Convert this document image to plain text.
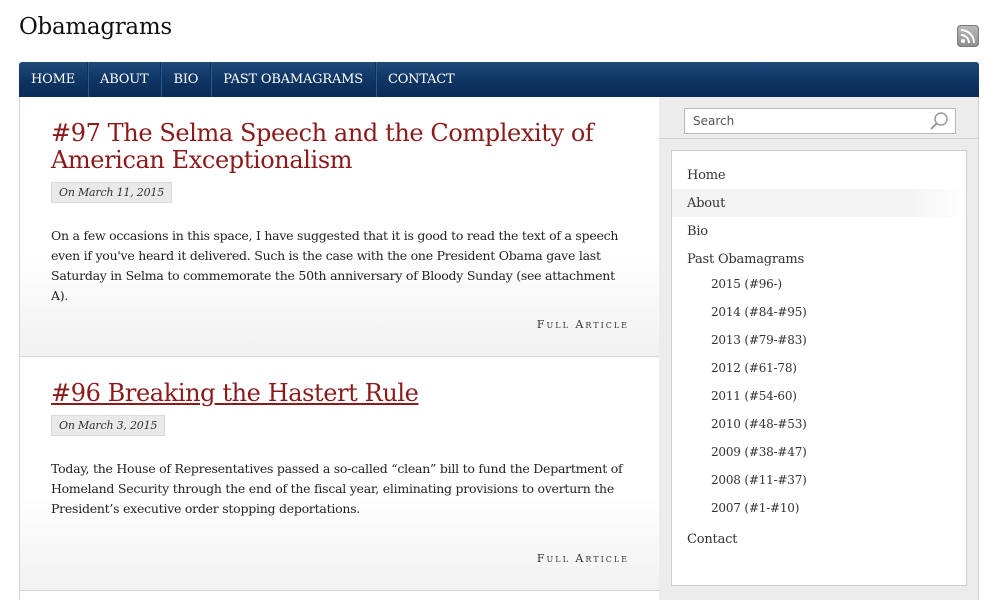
Obamagrams
HOME	ABOUT	BIO	PAST OBAMAGRAMS	CONTACT
#97 The Selma Speech and the Complexity of American Exceptionalism
On March 11, 2015
On a few occasions in this space, I have suggested that it is good to read the text of a speech even if you've heard it delivered. Such is the case with the one President Obama gave last Saturday in Selma to commemorate the 50th anniversary of Bloody Sunday (see attachment A).
Full Article
#96 Breaking the Hastert Rule
On March 3, 2015
Today, the House of Representatives passed a so-called “clean” bill to fund the Department of Homeland Security through the end of the fiscal year, eliminating provisions to overturn the President’s executive order stopping deportations.
Full Article
Search
Home
About
Bio
Past Obamagrams
2015 (#96-)
2014 (#84-#95)
2013 (#79-#83)
2012 (#61-78)
2011 (#54-60)
2010 (#48-#53)
2009 (#38-#47)
2008 (#11-#37)
2007 (#1-#10)
Contact
